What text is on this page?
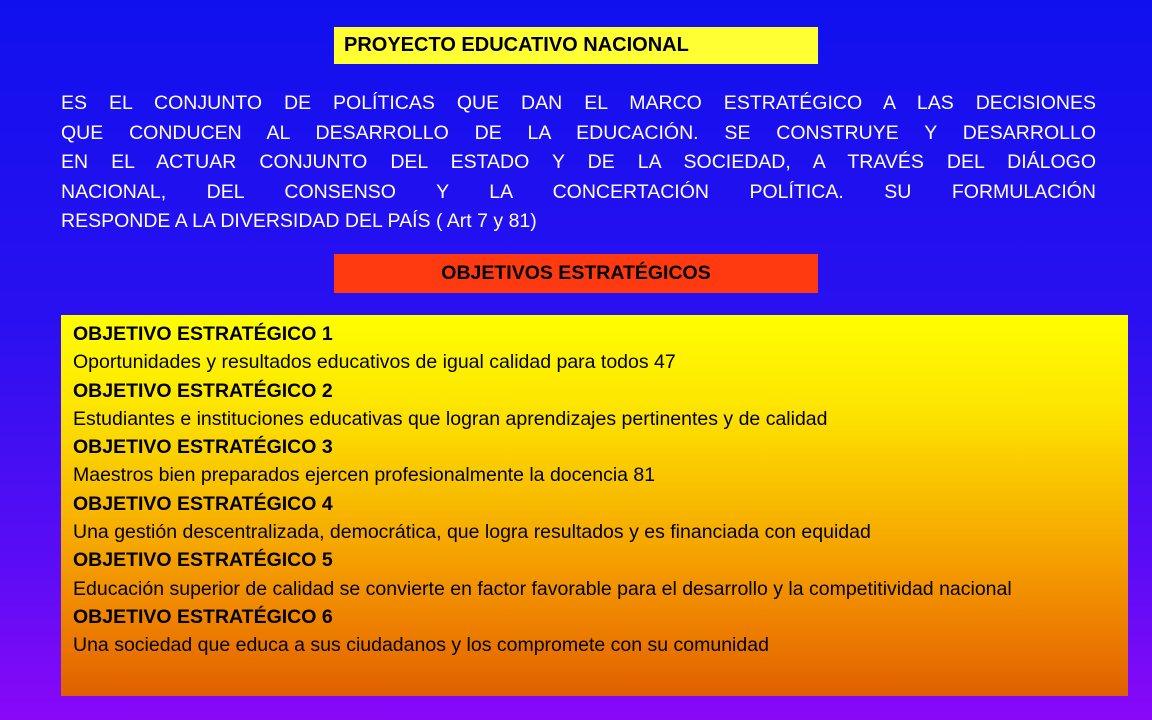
PROYECTO EDUCATIVO NACIONAL
ES EL CONJUNTO DE POLÍTICAS QUE DAN EL MARCO ESTRATÉGICO A LAS DECISIONES
QUE CONDUCEN AL DESARROLLO DE LA EDUCACIÓN. SE CONSTRUYE Y DESARROLLO
EN EL ACTUAR CONJUNTO DEL ESTADO Y DE LA SOCIEDAD, A TRAVÉS DEL DIÁLOGO
NACIONAL, DEL CONSENSO Y LA CONCERTACIÓN POLÍTICA. SU FORMULACIÓN
RESPONDE A LA DIVERSIDAD DEL PAÍS ( Art 7 y 81)
OBJETIVOS ESTRATÉGICOS
OBJETIVO ESTRATÉGICO 1
Oportunidades y resultados educativos de igual calidad para todos 47
OBJETIVO ESTRATÉGICO 2
Estudiantes e instituciones educativas que logran aprendizajes pertinentes y de calidad
OBJETIVO ESTRATÉGICO 3
Maestros bien preparados ejercen profesionalmente la docencia 81
OBJETIVO ESTRATÉGICO 4
Una gestión descentralizada, democrática, que logra resultados y es financiada con equidad
OBJETIVO ESTRATÉGICO 5
Educación superior de calidad se convierte en factor favorable para el desarrollo y la competitividad nacional
OBJETIVO ESTRATÉGICO 6
Una sociedad que educa a sus ciudadanos y los compromete con su comunidad
